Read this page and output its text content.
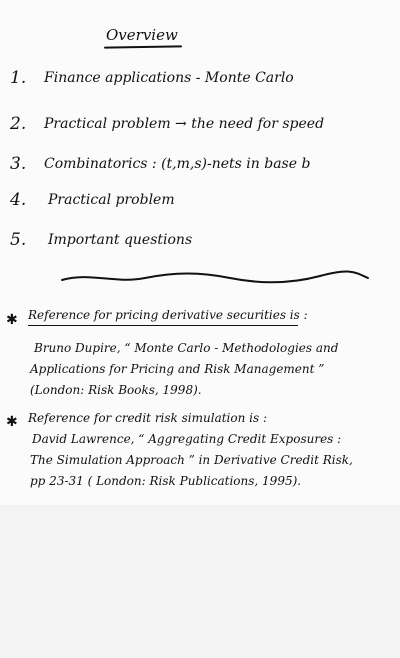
Overview
1. Finance applications - Monte Carlo
2. Practical problem → the need for speed
3. Combinatorics : (t,m,s)-nets in base b
4. Practical problem
5. Important questions
✱ Reference for pricing derivative securities is :
Bruno Dupire, “ Monte Carlo - Methodologies and
Applications for Pricing and Risk Management ”
(London: Risk Books, 1998).
✱ Reference for credit risk simulation is :
David Lawrence, “ Aggregating Credit Exposures :
The Simulation Approach ” in Derivative Credit Risk,
pp 23-31 ( London: Risk Publications, 1995).
